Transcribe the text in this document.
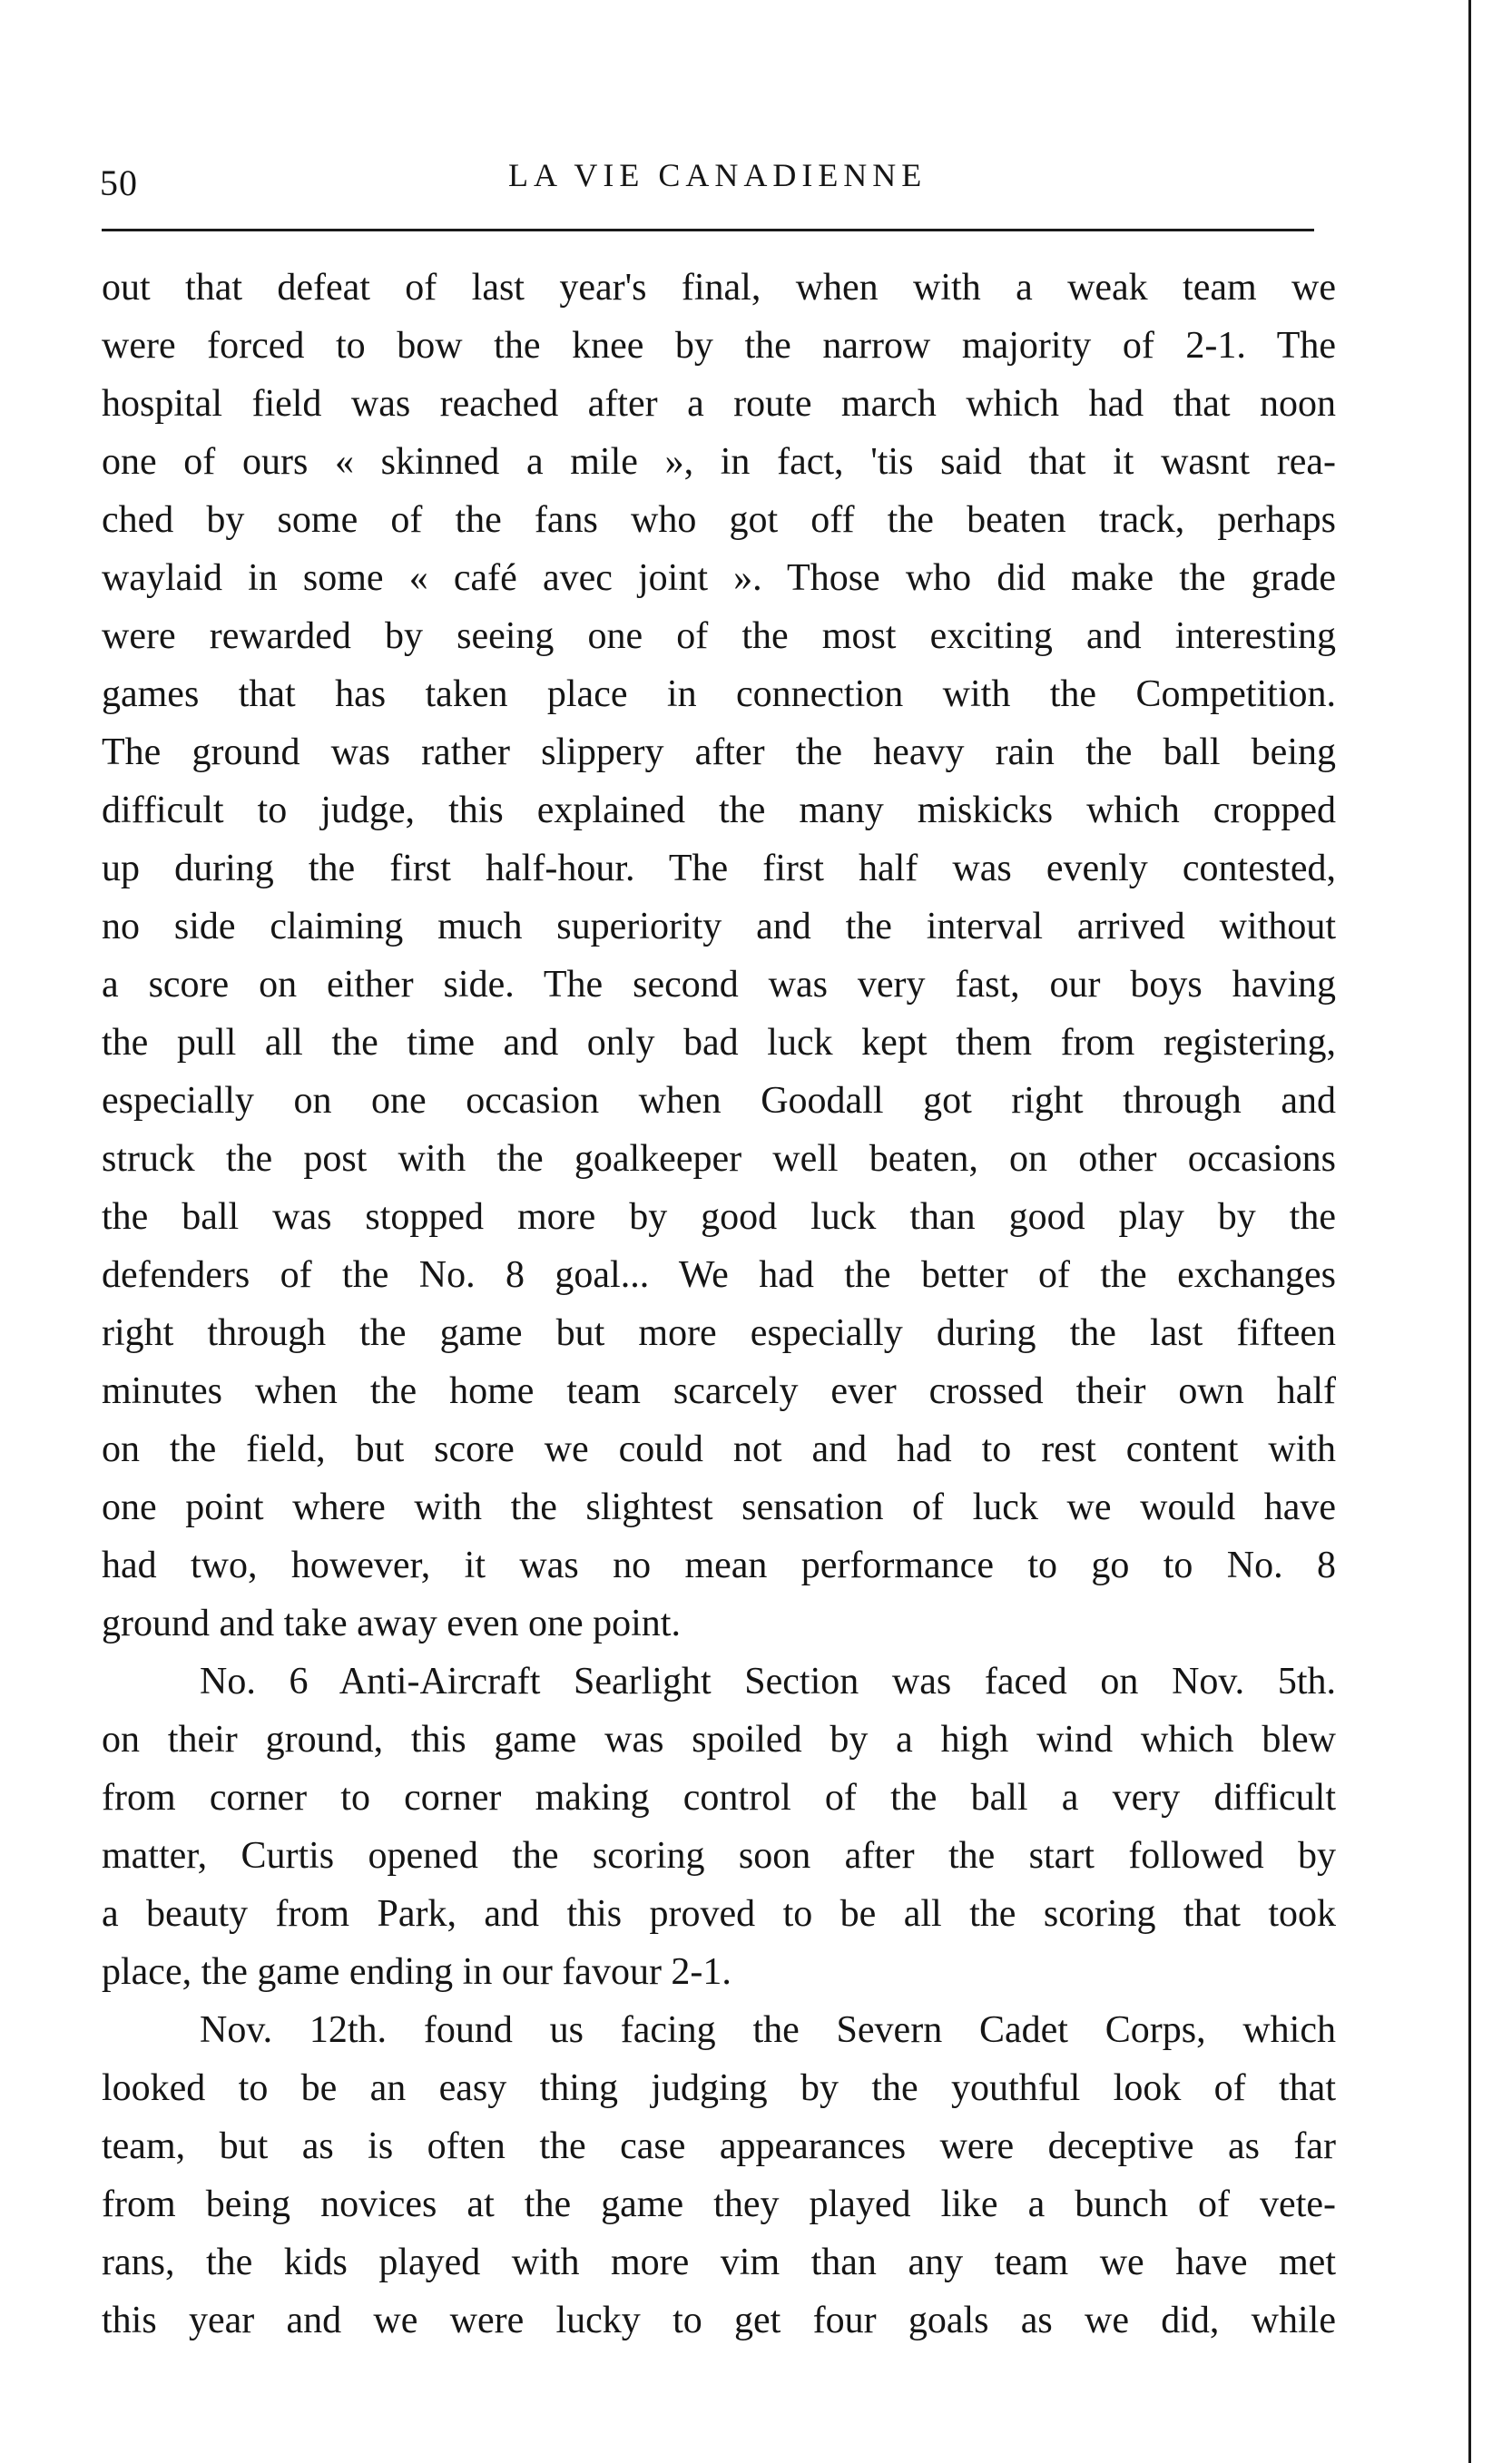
50	LA VIE CANADIENNE
out that defeat of last year's final, when with a weak team we
were forced to bow the knee by the narrow majority of 2-1. The
hospital field was reached after a route march which had that noon
one of ours « skinned a mile », in fact, 'tis said that it wasnt rea-
ched by some of the fans who got off the beaten track, perhaps
waylaid in some « café avec joint ». Those who did make the grade
were rewarded by seeing one of the most exciting and interesting
games that has taken place in connection with the Competition.
The ground was rather slippery after the heavy rain the ball being
difficult to judge, this explained the many miskicks which cropped
up during the first half-hour. The first half was evenly contested,
no side claiming much superiority and the interval arrived without
a score on either side. The second was very fast, our boys having
the pull all the time and only bad luck kept them from registering,
especially on one occasion when Goodall got right through and
struck the post with the goalkeeper well beaten, on other occasions
the ball was stopped more by good luck than good play by the
defenders of the No. 8 goal... We had the better of the exchanges
right through the game but more especially during the last fifteen
minutes when the home team scarcely ever crossed their own half
on the field, but score we could not and had to rest content with
one point where with the slightest sensation of luck we would have
had two, however, it was no mean performance to go to No. 8
ground and take away even one point.
No. 6 Anti-Aircraft Searlight Section was faced on Nov. 5th.
on their ground, this game was spoiled by a high wind which blew
from corner to corner making control of the ball a very difficult
matter, Curtis opened the scoring soon after the start followed by
a beauty from Park, and this proved to be all the scoring that took
place, the game ending in our favour 2-1.
Nov. 12th. found us facing the Severn Cadet Corps, which
looked to be an easy thing judging by the youthful look of that
team, but as is often the case appearances were deceptive as far
from being novices at the game they played like a bunch of vete-
rans, the kids played with more vim than any team we have met
this year and we were lucky to get four goals as we did, while
